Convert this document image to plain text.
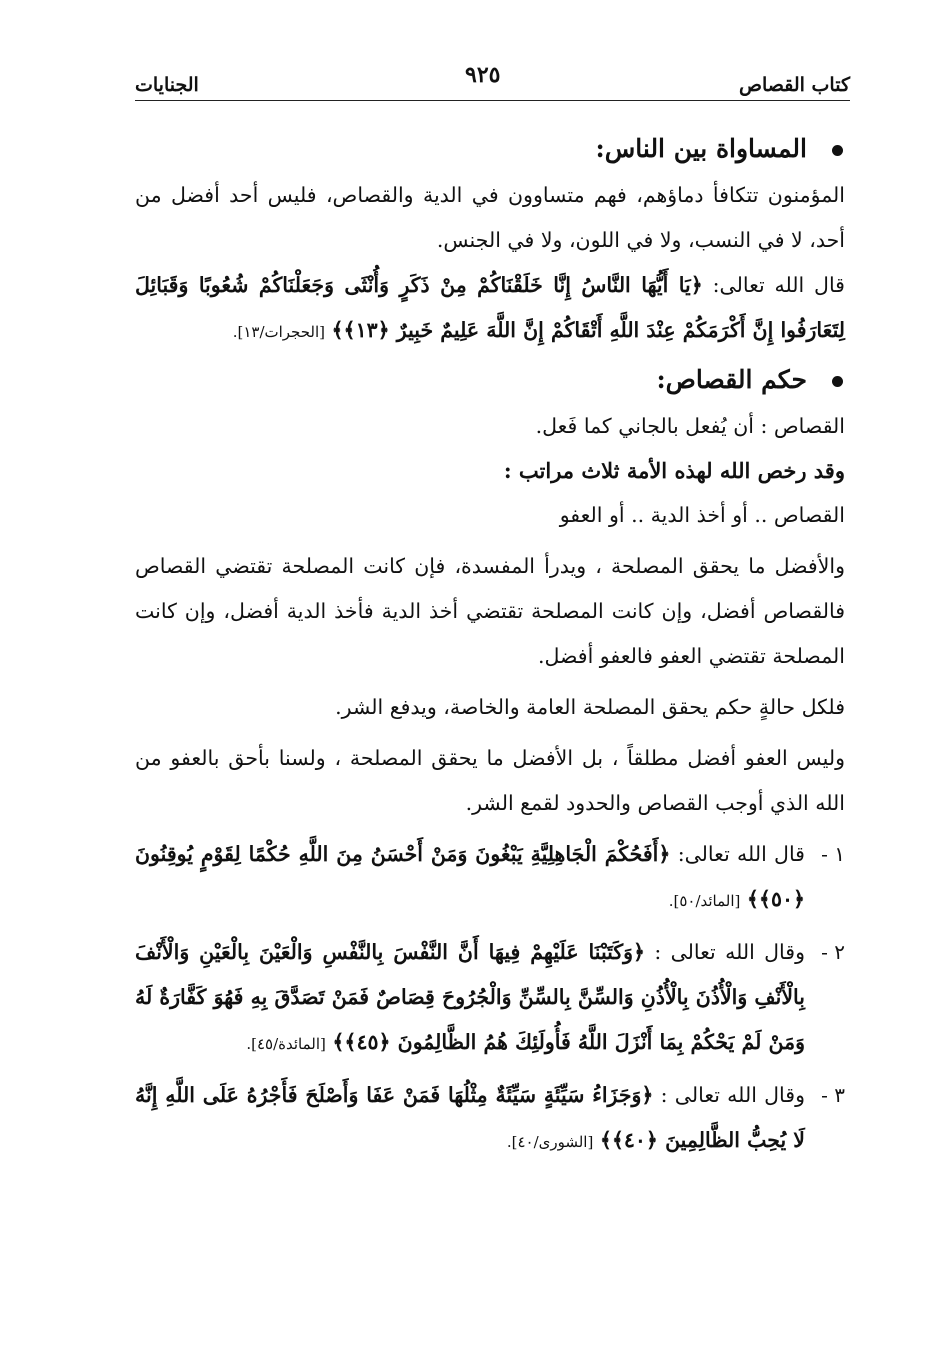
كتاب القصاص
٩٢٥
الجنايات
المساواة بين الناس:

المؤمنون تتكافأ دماؤهم، فهم متساوون في الدية والقصاص، فليس أحد أفضل من أحد، لا في النسب، ولا في اللون، ولا في الجنس.

قال الله تعالى: ﴿يَا أَيُّهَا النَّاسُ إِنَّا خَلَقْنَاكُمْ مِنْ ذَكَرٍ وَأُنْثَى وَجَعَلْنَاكُمْ شُعُوبًا وَقَبَائِلَ لِتَعَارَفُوا إِنَّ أَكْرَمَكُمْ عِنْدَ اللَّهِ أَتْقَاكُمْ إِنَّ اللَّهَ عَلِيمٌ خَبِيرٌ ﴿١٣﴾﴾ [الحجرات/١٣].

حكم القصاص:

القصاص : أن يُفعل بالجاني كما فَعل.

وقد رخص الله لهذه الأمة ثلاث مراتب :

القصاص .. أو أخذ الدية .. أو العفو

والأفضل ما يحقق المصلحة ، ويدرأ المفسدة، فإن كانت المصلحة تقتضي القصاص فالقصاص أفضل، وإن كانت المصلحة تقتضي أخذ الدية فأخذ الدية أفضل، وإن كانت المصلحة تقتضي العفو فالعفو أفضل.

فلكل حالةٍ حكم يحقق المصلحة العامة والخاصة، ويدفع الشر.

وليس العفو أفضل مطلقاً ، بل الأفضل ما يحقق المصلحة ، ولسنا بأحق بالعفو من الله الذي أوجب القصاص والحدود لقمع الشر.

١ -
قال الله تعالى: ﴿أَفَحُكْمَ الْجَاهِلِيَّةِ يَبْغُونَ وَمَنْ أَحْسَنُ مِنَ اللَّهِ حُكْمًا لِقَوْمٍ يُوقِنُونَ ﴿٥٠﴾﴾ [المائد/٥٠].

٢ -
وقال الله تعالى : ﴿وَكَتَبْنَا عَلَيْهِمْ فِيهَا أَنَّ النَّفْسَ بِالنَّفْسِ وَالْعَيْنَ بِالْعَيْنِ وَالْأَنْفَ بِالْأَنْفِ وَالْأُذُنَ بِالْأُذُنِ وَالسِّنَّ بِالسِّنِّ وَالْجُرُوحَ قِصَاصٌ فَمَنْ تَصَدَّقَ بِهِ فَهُوَ كَفَّارَةٌ لَهُ وَمَنْ لَمْ يَحْكُمْ بِمَا أَنْزَلَ اللَّهُ فَأُولَئِكَ هُمُ الظَّالِمُونَ ﴿٤٥﴾﴾ [المائدة/٤٥].

٣ -
وقال الله تعالى : ﴿وَجَزَاءُ سَيِّئَةٍ سَيِّئَةٌ مِثْلُهَا فَمَنْ عَفَا وَأَصْلَحَ فَأَجْرُهُ عَلَى اللَّهِ إِنَّهُ لَا يُحِبُّ الظَّالِمِينَ ﴿٤٠﴾﴾ [الشورى/٤٠].
